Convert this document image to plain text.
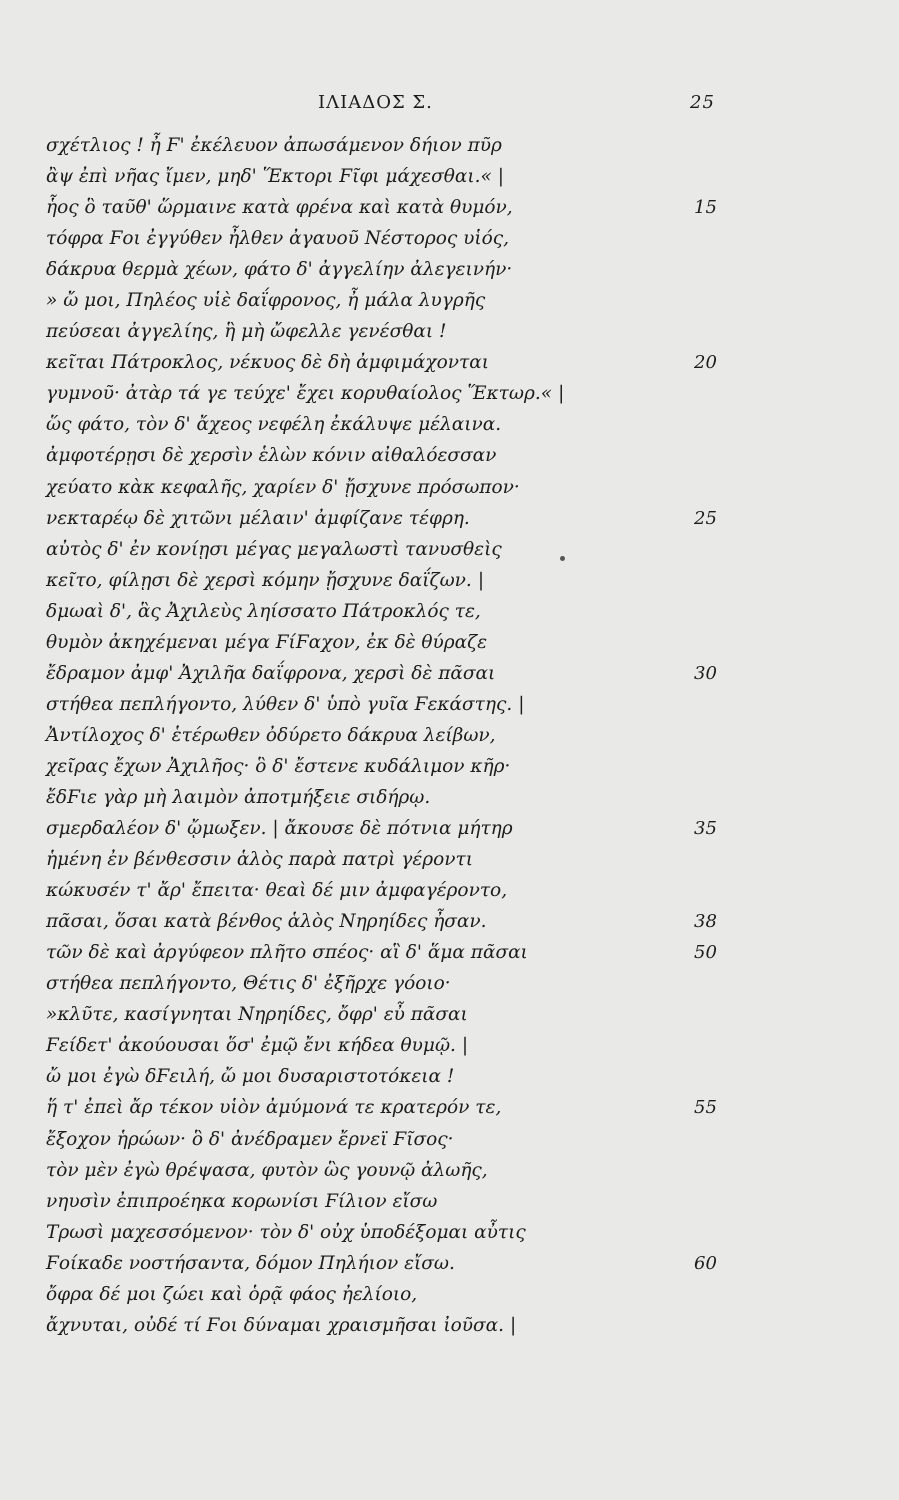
ΙΛΙΑΔΟΣ Σ.	25
σχέτλιος ! ἦ Ϝ' ἐκέλευον ἀπωσάμενον δήιον πῦρ
ἂψ ἐπὶ νῆας ἴμεν, μηδ' Ἕκτορι Ϝῖφι μάχεσθαι.« |
ἧος ὃ ταῦθ' ὥρμαινε κατὰ φρένα καὶ κατὰ θυμόν,	15
τόφρα Ϝοι ἐγγύθεν ἦλθεν ἀγαυοῦ Νέστορος υἱός,
δάκρυα θερμὰ χέων, φάτο δ' ἀγγελίην ἀλεγεινήν·
» ὤ μοι, Πηλέος υἱὲ δαΐφρονος, ἦ μάλα λυγρῆς
πεύσεαι ἀγγελίης, ἣ μὴ ὤφελλε γενέσθαι !
κεῖται Πάτροκλος, νέκυος δὲ δὴ ἀμφιμάχονται	20
γυμνοῦ· ἀτὰρ τά γε τεύχε' ἔχει κορυθαίολος Ἕκτωρ.« |
ὥς φάτο, τὸν δ' ἄχεος νεφέλη ἐκάλυψε μέλαινα.
ἀμφοτέρῃσι δὲ χερσὶν ἑλὼν κόνιν αἰθαλόεσσαν
χεύατο κὰκ κεφαλῆς, χαρίεν δ' ᾔσχυνε πρόσωπον·
νεκταρέῳ δὲ χιτῶνι μέλαιν' ἀμφίζανε τέφρη.	25
αὐτὸς δ' ἐν κονίῃσι μέγας μεγαλωστὶ τανυσθεὶς
κεῖτο, φίλῃσι δὲ χερσὶ κόμην ᾔσχυνε δαΐζων. |
δμωαὶ δ', ἃς Ἀχιλεὺς ληίσσατο Πάτροκλός τε,
θυμὸν ἀκηχέμεναι μέγα ϜίϜαχον, ἐκ δὲ θύραζε
ἔδραμον ἀμφ' Ἀχιλῆα δαΐφρονα, χερσὶ δὲ πᾶσαι	30
στήθεα πεπλήγοντο, λύθεν δ' ὑπὸ γυῖα Ϝεκάστης. |
Ἀντίλοχος δ' ἑτέρωθεν ὀδύρετο δάκρυα λείβων,
χεῖρας ἔχων Ἀχιλῆος· ὃ δ' ἔστενε κυδάλιμον κῆρ·
ἔδϜιε γὰρ μὴ λαιμὸν ἀποτμήξειε σιδήρῳ.
σμερδαλέον δ' ᾤμωξεν. | ἄκουσε δὲ πότνια μήτηρ	35
ἡμένη ἐν βένθεσσιν ἁλὸς παρὰ πατρὶ γέροντι
κώκυσέν τ' ἄρ' ἔπειτα· θεαὶ δέ μιν ἀμφαγέροντο,
πᾶσαι, ὅσαι κατὰ βένθος ἁλὸς Νηρηίδες ἦσαν.	38
τῶν δὲ καὶ ἀργύφεον πλῆτο σπέος· αἳ δ' ἅμα πᾶσαι	50
στήθεα πεπλήγοντο, Θέτις δ' ἐξῆρχε γόοιο·
»κλῦτε, κασίγνηται Νηρηίδες, ὄφρ' εὖ πᾶσαι
Ϝείδετ' ἀκούουσαι ὅσ' ἐμῷ ἔνι κήδεα θυμῷ. |
ὤ μοι ἐγὼ δϜειλή, ὤ μοι δυσαριστοτόκεια !
ἥ τ' ἐπεὶ ἄρ τέκον υἱὸν ἀμύμονά τε κρατερόν τε,	55
ἔξοχον ἡρώων· ὃ δ' ἀνέδραμεν ἔρνεϊ Ϝῖσος·
τὸν μὲν ἐγὼ θρέψασα, φυτὸν ὣς γουνῷ ἀλωῆς,
νηυσὶν ἐπιπροέηκα κορωνίσι Ϝίλιον εἴσω
Τρωσὶ μαχεσσόμενον· τὸν δ' οὐχ ὑποδέξομαι αὖτις
Ϝοίκαδε νοστήσαντα, δόμον Πηλήιον εἴσω.	60
ὄφρα δέ μοι ζώει καὶ ὁρᾷ φάος ἠελίοιο,
ἄχνυται, οὐδέ τί Ϝοι δύναμαι χραισμῆσαι ἰοῦσα. |
